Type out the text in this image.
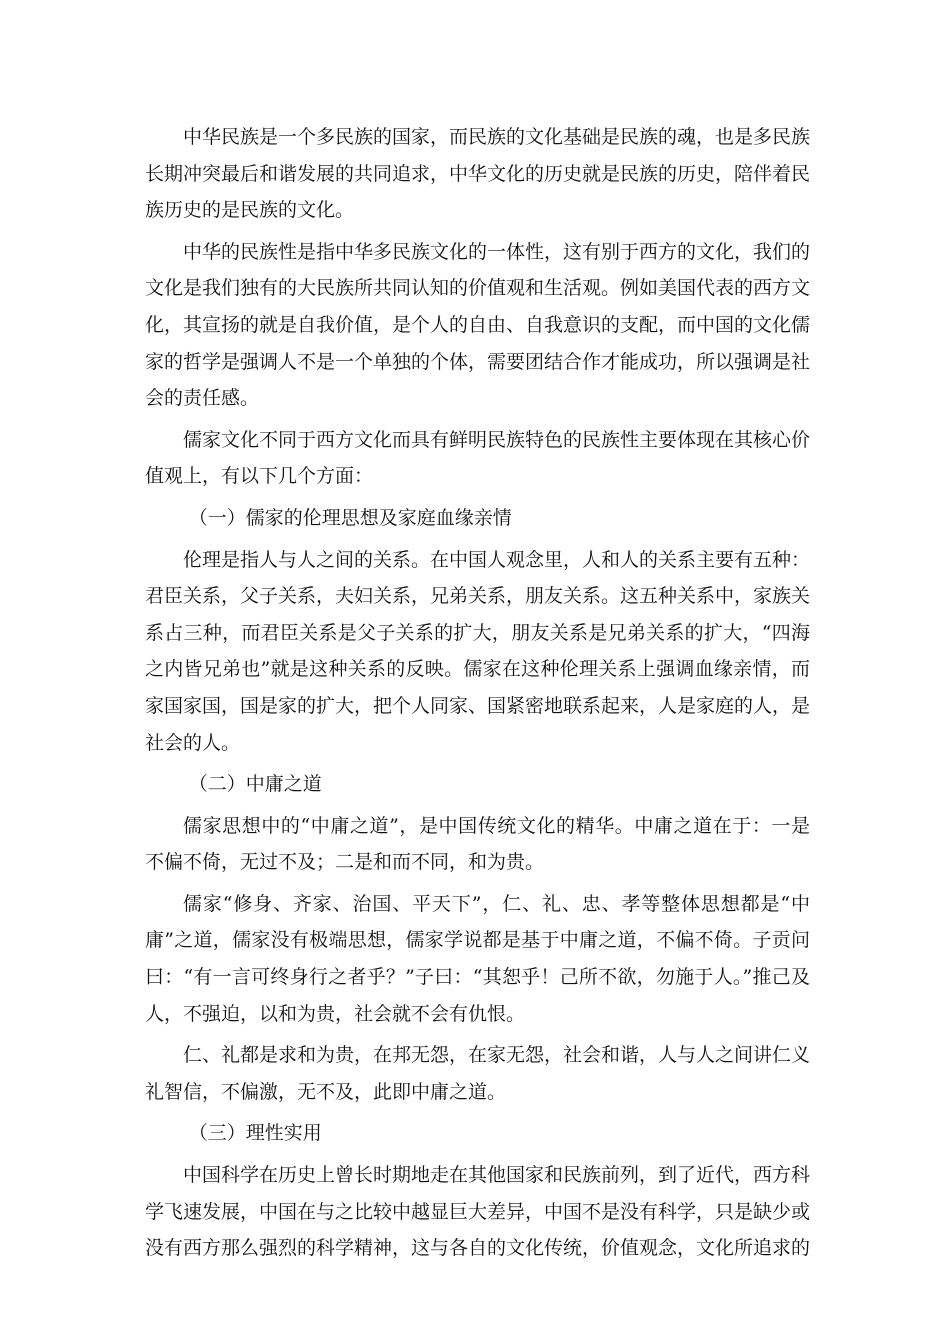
中华民族是一个多民族的国家，而民族的文化基础是民族的魂，也是多民族长期冲突最后和谐发展的共同追求，中华文化的历史就是民族的历史，陪伴着民族历史的是民族的文化。

中华的民族性是指中华多民族文化的一体性，这有别于西方的文化，我们的文化是我们独有的大民族所共同认知的价值观和生活观。例如美国代表的西方文化，其宣扬的就是自我价值，是个人的自由、自我意识的支配，而中国的文化儒家的哲学是强调人不是一个单独的个体，需要团结合作才能成功，所以强调是社会的责任感。

儒家文化不同于西方文化而具有鲜明民族特色的民族性主要体现在其核心价值观上，有以下几个方面：

（一）儒家的伦理思想及家庭血缘亲情

伦理是指人与人之间的关系。在中国人观念里，人和人的关系主要有五种：君臣关系，父子关系，夫妇关系，兄弟关系，朋友关系。这五种关系中，家族关系占三种，而君臣关系是父子关系的扩大，朋友关系是兄弟关系的扩大，“四海之内皆兄弟也”就是这种关系的反映。儒家在这种伦理关系上强调血缘亲情，而家国家国，国是家的扩大，把个人同家、国紧密地联系起来，人是家庭的人，是社会的人。

（二）中庸之道

儒家思想中的“中庸之道”，是中国传统文化的精华。中庸之道在于：一是不偏不倚，无过不及；二是和而不同，和为贵。

儒家“修身、齐家、治国、平天下”，仁、礼、忠、孝等整体思想都是“中庸”之道，儒家没有极端思想，儒家学说都是基于中庸之道，不偏不倚。子贡问曰：“有一言可终身行之者乎？”子曰：“其恕乎！己所不欲，勿施于人。”推己及人，不强迫，以和为贵，社会就不会有仇恨。

仁、礼都是求和为贵，在邦无怨，在家无怨，社会和谐，人与人之间讲仁义礼智信，不偏激，无不及，此即中庸之道。

（三）理性实用

中国科学在历史上曾长时期地走在其他国家和民族前列，到了近代，西方科学飞速发展，中国在与之比较中越显巨大差异，中国不是没有科学，只是缺少或没有西方那么强烈的科学精神，这与各自的文化传统，价值观念，文化所追求的
